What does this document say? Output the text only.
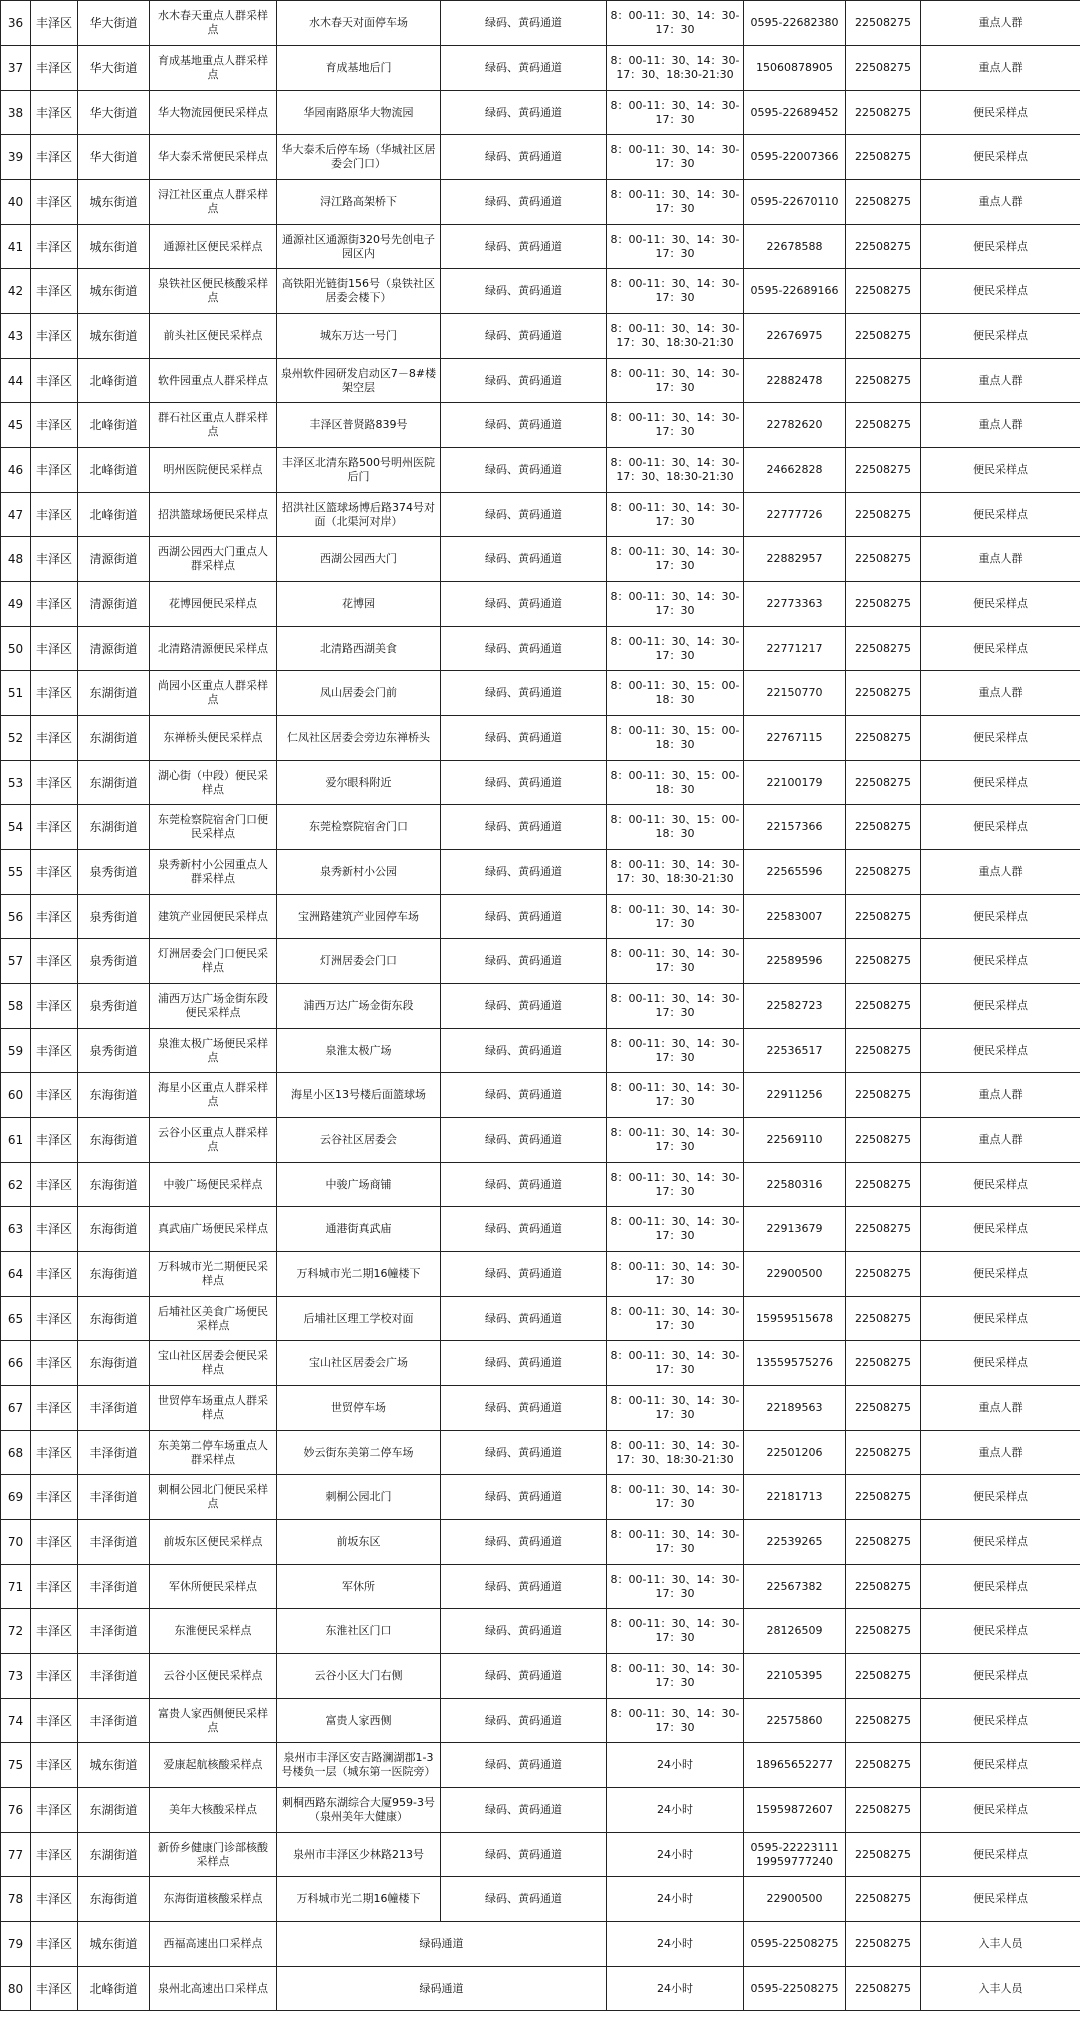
36	丰泽区	华大街道	水木春天重点人群采样点	水木春天对面停车场	绿码、黄码通道	8：00-11：30、14：30-17：30	0595-22682380	22508275	重点人群
37	丰泽区	华大街道	育成基地重点人群采样点	育成基地后门	绿码、黄码通道	8：00-11：30、14：30-17：30、18:30-21:30	15060878905	22508275	重点人群
38	丰泽区	华大街道	华大物流园便民采样点	华园南路原华大物流园	绿码、黄码通道	8：00-11：30、14：30-17：30	0595-22689452	22508275	便民采样点
39	丰泽区	华大街道	华大泰禾常便民采样点	华大泰禾后停车场（华城社区居委会门口）	绿码、黄码通道	8：00-11：30、14：30-17：30	0595-22007366	22508275	便民采样点
40	丰泽区	城东街道	浔江社区重点人群采样点	浔江路高架桥下	绿码、黄码通道	8：00-11：30、14：30-17：30	0595-22670110	22508275	重点人群
41	丰泽区	城东街道	通源社区便民采样点	通源社区通源街320号先创电子园区内	绿码、黄码通道	8：00-11：30、14：30-17：30	22678588	22508275	便民采样点
42	丰泽区	城东街道	泉铁社区便民核酸采样点	高铁阳光链街156号（泉铁社区居委会楼下）	绿码、黄码通道	8：00-11：30、14：30-17：30	0595-22689166	22508275	便民采样点
43	丰泽区	城东街道	前头社区便民采样点	城东万达一号门	绿码、黄码通道	8：00-11：30、14：30-17：30、18:30-21:30	22676975	22508275	便民采样点
44	丰泽区	北峰街道	软件园重点人群采样点	泉州软件园研发启动区7－8#楼架空层	绿码、黄码通道	8：00-11：30、14：30-17：30	22882478	22508275	重点人群
45	丰泽区	北峰街道	群石社区重点人群采样点	丰泽区普贤路839号	绿码、黄码通道	8：00-11：30、14：30-17：30	22782620	22508275	重点人群
46	丰泽区	北峰街道	明州医院便民采样点	丰泽区北清东路500号明州医院后门	绿码、黄码通道	8：00-11：30、14：30-17：30、18:30-21:30	24662828	22508275	便民采样点
47	丰泽区	北峰街道	招洪篮球场便民采样点	招洪社区篮球场博后路374号对面（北渠河对岸）	绿码、黄码通道	8：00-11：30、14：30-17：30	22777726	22508275	便民采样点
48	丰泽区	清源街道	西湖公园西大门重点人群采样点	西湖公园西大门	绿码、黄码通道	8：00-11：30、14：30-17：30	22882957	22508275	重点人群
49	丰泽区	清源街道	花博园便民采样点	花博园	绿码、黄码通道	8：00-11：30、14：30-17：30	22773363	22508275	便民采样点
50	丰泽区	清源街道	北清路清源便民采样点	北清路西湖美食	绿码、黄码通道	8：00-11：30、14：30-17：30	22771217	22508275	便民采样点
51	丰泽区	东湖街道	尚园小区重点人群采样点	凤山居委会门前	绿码、黄码通道	8：00-11：30、15：00-18：30	22150770	22508275	重点人群
52	丰泽区	东湖街道	东禅桥头便民采样点	仁凤社区居委会旁边东禅桥头	绿码、黄码通道	8：00-11：30、15：00-18：30	22767115	22508275	便民采样点
53	丰泽区	东湖街道	湖心街（中段）便民采样点	爱尔眼科附近	绿码、黄码通道	8：00-11：30、15：00-18：30	22100179	22508275	便民采样点
54	丰泽区	东湖街道	东莞检察院宿舍门口便民采样点	东莞检察院宿舍门口	绿码、黄码通道	8：00-11：30、15：00-18：30	22157366	22508275	便民采样点
55	丰泽区	泉秀街道	泉秀新村小公园重点人群采样点	泉秀新村小公园	绿码、黄码通道	8：00-11：30、14：30-17：30、18:30-21:30	22565596	22508275	重点人群
56	丰泽区	泉秀街道	建筑产业园便民采样点	宝洲路建筑产业园停车场	绿码、黄码通道	8：00-11：30、14：30-17：30	22583007	22508275	便民采样点
57	丰泽区	泉秀街道	灯洲居委会门口便民采样点	灯洲居委会门口	绿码、黄码通道	8：00-11：30、14：30-17：30	22589596	22508275	便民采样点
58	丰泽区	泉秀街道	浦西万达广场金街东段便民采样点	浦西万达广场金街东段	绿码、黄码通道	8：00-11：30、14：30-17：30	22582723	22508275	便民采样点
59	丰泽区	泉秀街道	泉淮太极广场便民采样点	泉淮太极广场	绿码、黄码通道	8：00-11：30、14：30-17：30	22536517	22508275	便民采样点
60	丰泽区	东海街道	海星小区重点人群采样点	海星小区13号楼后面篮球场	绿码、黄码通道	8：00-11：30、14：30-17：30	22911256	22508275	重点人群
61	丰泽区	东海街道	云谷小区重点人群采样点	云谷社区居委会	绿码、黄码通道	8：00-11：30、14：30-17：30	22569110	22508275	重点人群
62	丰泽区	东海街道	中骏广场便民采样点	中骏广场商铺	绿码、黄码通道	8：00-11：30、14：30-17：30	22580316	22508275	便民采样点
63	丰泽区	东海街道	真武庙广场便民采样点	通港街真武庙	绿码、黄码通道	8：00-11：30、14：30-17：30	22913679	22508275	便民采样点
64	丰泽区	东海街道	万科城市光二期便民采样点	万科城市光二期16幢楼下	绿码、黄码通道	8：00-11：30、14：30-17：30	22900500	22508275	便民采样点
65	丰泽区	东海街道	后埔社区美食广场便民采样点	后埔社区理工学校对面	绿码、黄码通道	8：00-11：30、14：30-17：30	15959515678	22508275	便民采样点
66	丰泽区	东海街道	宝山社区居委会便民采样点	宝山社区居委会广场	绿码、黄码通道	8：00-11：30、14：30-17：30	13559575276	22508275	便民采样点
67	丰泽区	丰泽街道	世贸停车场重点人群采样点	世贸停车场	绿码、黄码通道	8：00-11：30、14：30-17：30	22189563	22508275	重点人群
68	丰泽区	丰泽街道	东美第二停车场重点人群采样点	妙云街东美第二停车场	绿码、黄码通道	8：00-11：30、14：30-17：30、18:30-21:30	22501206	22508275	重点人群
69	丰泽区	丰泽街道	刺桐公园北门便民采样点	刺桐公园北门	绿码、黄码通道	8：00-11：30、14：30-17：30	22181713	22508275	便民采样点
70	丰泽区	丰泽街道	前坂东区便民采样点	前坂东区	绿码、黄码通道	8：00-11：30、14：30-17：30	22539265	22508275	便民采样点
71	丰泽区	丰泽街道	军休所便民采样点	军休所	绿码、黄码通道	8：00-11：30、14：30-17：30	22567382	22508275	便民采样点
72	丰泽区	丰泽街道	东淮便民采样点	东淮社区门口	绿码、黄码通道	8：00-11：30、14：30-17：30	28126509	22508275	便民采样点
73	丰泽区	丰泽街道	云谷小区便民采样点	云谷小区大门右侧	绿码、黄码通道	8：00-11：30、14：30-17：30	22105395	22508275	便民采样点
74	丰泽区	丰泽街道	富贵人家西侧便民采样点	富贵人家西侧	绿码、黄码通道	8：00-11：30、14：30-17：30	22575860	22508275	便民采样点
75	丰泽区	城东街道	爱康起航核酸采样点	泉州市丰泽区安吉路澜湖郡1-3号楼负一层（城东第一医院旁）	绿码、黄码通道	24小时	18965652277	22508275	便民采样点
76	丰泽区	东湖街道	美年大核酸采样点	刺桐西路东湖综合大厦959-3号（泉州美年大健康）	绿码、黄码通道	24小时	15959872607	22508275	便民采样点
77	丰泽区	东湖街道	新侨乡健康门诊部核酸采样点	泉州市丰泽区少林路213号	绿码、黄码通道	24小时	0595-22223111 19959777240	22508275	便民采样点
78	丰泽区	东海街道	东海街道核酸采样点	万科城市光二期16幢楼下	绿码、黄码通道	24小时	22900500	22508275	便民采样点
79	丰泽区	城东街道	西福高速出口采样点	绿码通道		24小时	0595-22508275	22508275	入丰人员
80	丰泽区	北峰街道	泉州北高速出口采样点	绿码通道		24小时	0595-22508275	22508275	入丰人员
